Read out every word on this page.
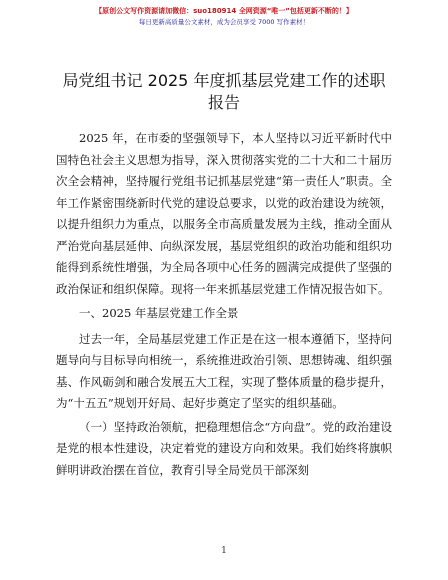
【原创公文写作资源请加微信：suo180914 全网资源“唯一”包括更新不断的！】
每日更新高质量公文素材，成为会员享受 7000 写作素材！
局党组书记 2025 年度抓基层党建工作的述职报告

2025 年，在市委的坚强领导下，本人坚持以习近平新时代中国特色社会主义思想为指导，深入贯彻落实党的二十大和二十届历次全会精神，坚持履行党组书记抓基层党建“第一责任人”职责。全年工作紧密围绕新时代党的建设总要求，以党的政治建设为统领，以提升组织力为重点，以服务全市高质量发展为主线，推动全面从严治党向基层延伸、向纵深发展，基层党组织的政治功能和组织功能得到系统性增强，为全局各项中心任务的圆满完成提供了坚强的政治保证和组织保障。现将一年来抓基层党建工作情况报告如下。

一、2025 年基层党建工作全景

过去一年，全局基层党建工作正是在这一根本遵循下，坚持问题导向与目标导向相统一，系统推进政治引领、思想铸魂、组织强基、作风砺剑和融合发展五大工程，实现了整体质量的稳步提升，为“十五五”规划开好局、起好步奠定了坚实的组织基础。

（一）坚持政治领航，把稳理想信念“方向盘”。党的政治建设是党的根本性建设，决定着党的建设方向和效果。我们始终将旗帜鲜明讲政治摆在首位，教育引导全局党员干部深刻

1
